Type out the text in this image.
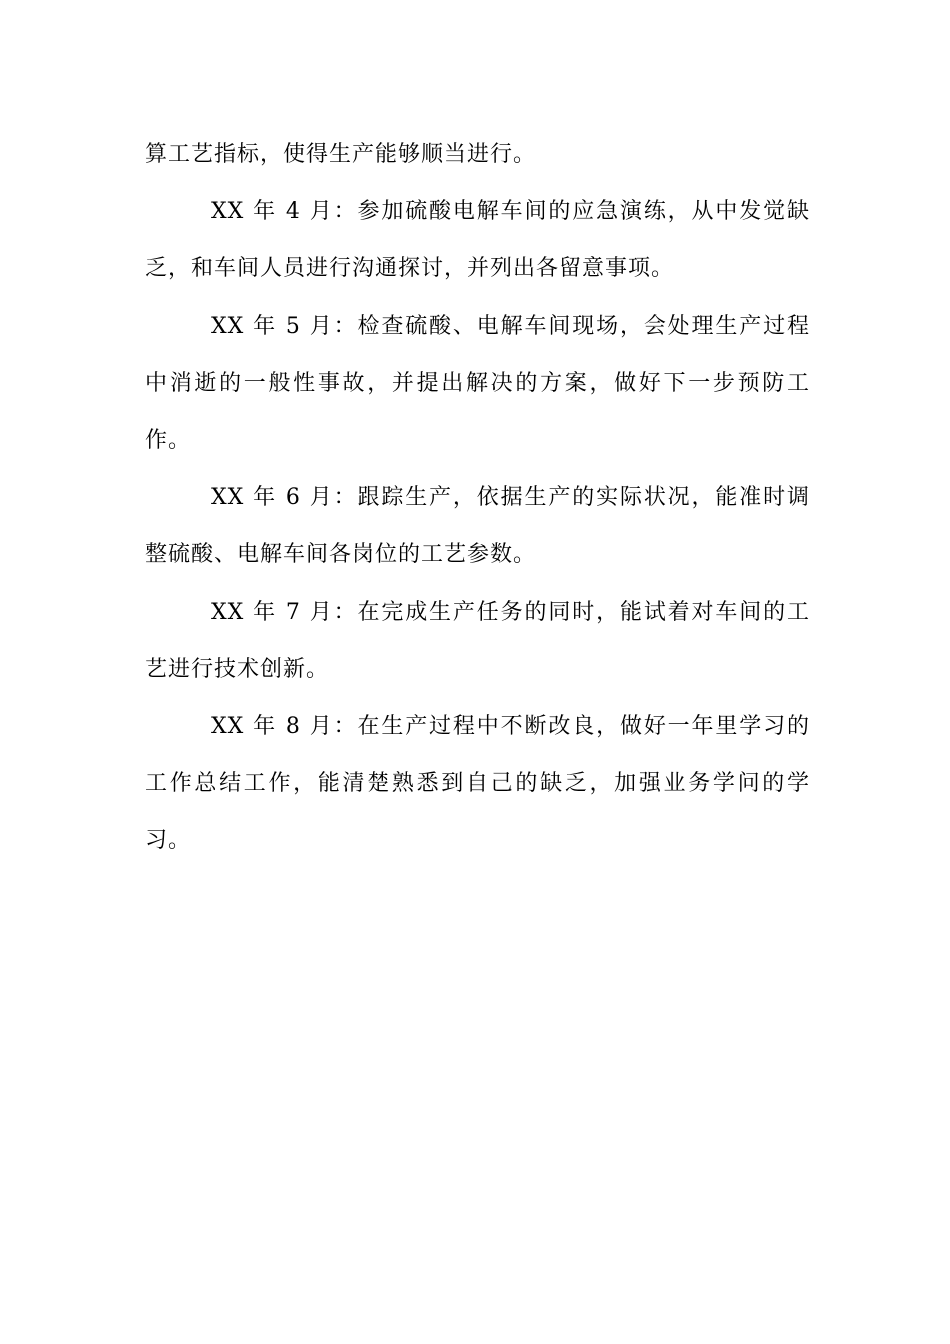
算工艺指标，使得生产能够顺当进行。

XX 年 4 月：参加硫酸电解车间的应急演练，从中发觉缺乏，和车间人员进行沟通探讨，并列出各留意事项。

XX 年 5 月：检查硫酸、电解车间现场，会处理生产过程中消逝的一般性事故，并提出解决的方案，做好下一步预防工作。

XX 年 6 月：跟踪生产，依据生产的实际状况，能准时调整硫酸、电解车间各岗位的工艺参数。

XX 年 7 月：在完成生产任务的同时，能试着对车间的工艺进行技术创新。

XX 年 8 月：在生产过程中不断改良，做好一年里学习的工作总结工作，能清楚熟悉到自己的缺乏，加强业务学问的学习。
